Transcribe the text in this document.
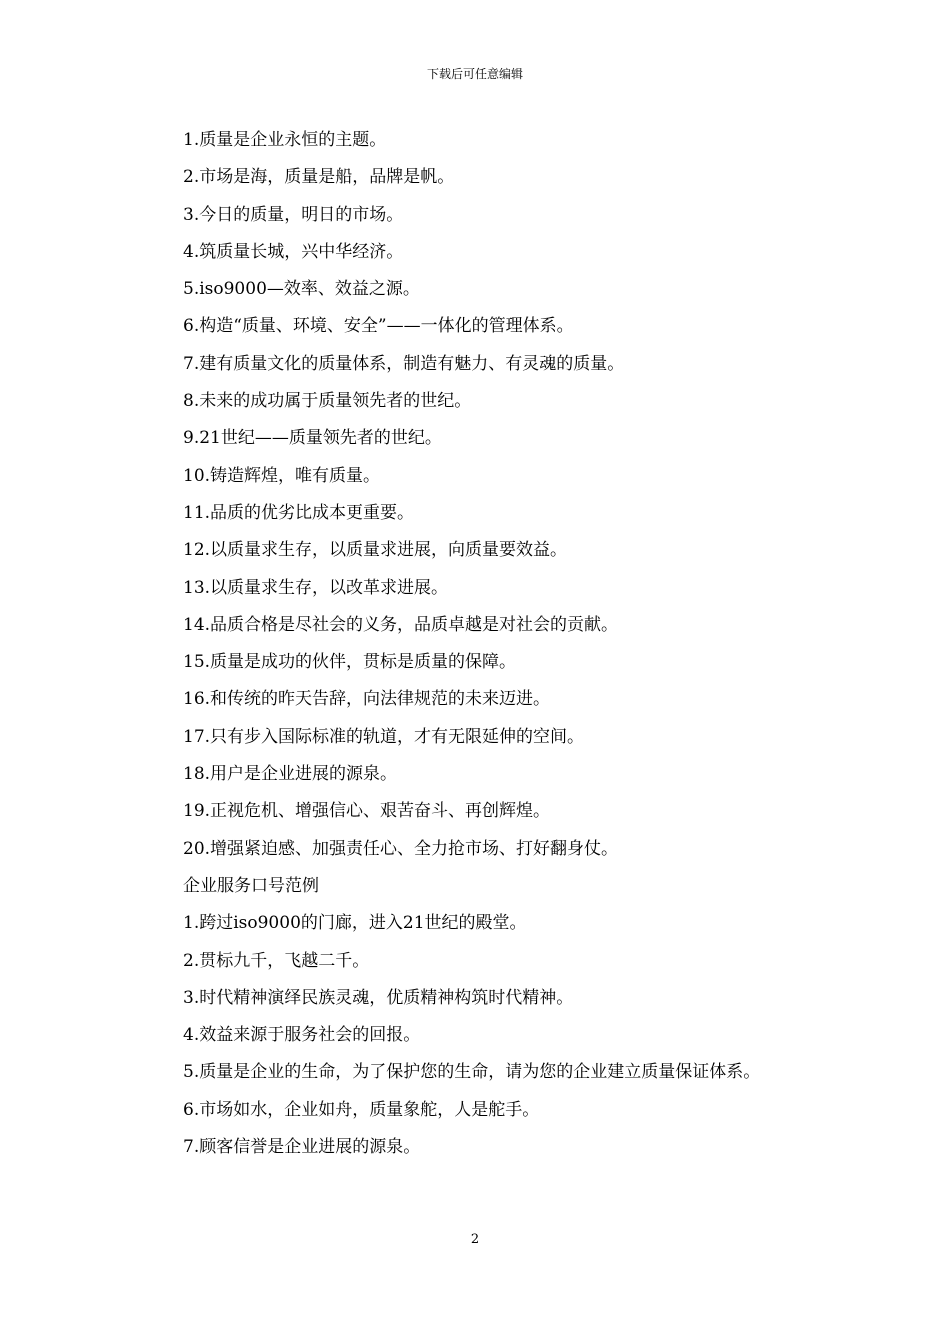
下载后可任意编辑

1.质量是企业永恒的主题。

2.市场是海，质量是船，品牌是帆。

3.今日的质量，明日的市场。

4.筑质量长城，兴中华经济。

5.iso9000—效率、效益之源。

6.构造“质量、环境、安全”——一体化的管理体系。

7.建有质量文化的质量体系，制造有魅力、有灵魂的质量。

8.未来的成功属于质量领先者的世纪。

9.21世纪——质量领先者的世纪。

10.铸造辉煌，唯有质量。

11.品质的优劣比成本更重要。

12.以质量求生存，以质量求进展，向质量要效益。

13.以质量求生存，以改革求进展。

14.品质合格是尽社会的义务，品质卓越是对社会的贡献。

15.质量是成功的伙伴，贯标是质量的保障。

16.和传统的昨天告辞，向法律规范的未来迈进。

17.只有步入国际标准的轨道，才有无限延伸的空间。

18.用户是企业进展的源泉。

19.正视危机、增强信心、艰苦奋斗、再创辉煌。

20.增强紧迫感、加强责任心、全力抢市场、打好翻身仗。

企业服务口号范例

1.跨过iso9000的门廊，进入21世纪的殿堂。

2.贯标九千，飞越二千。

3.时代精神演绎民族灵魂，优质精神构筑时代精神。

4.效益来源于服务社会的回报。

5.质量是企业的生命，为了保护您的生命，请为您的企业建立质量保证体系。

6.市场如水，企业如舟，质量象舵，人是舵手。

7.顾客信誉是企业进展的源泉。

2
